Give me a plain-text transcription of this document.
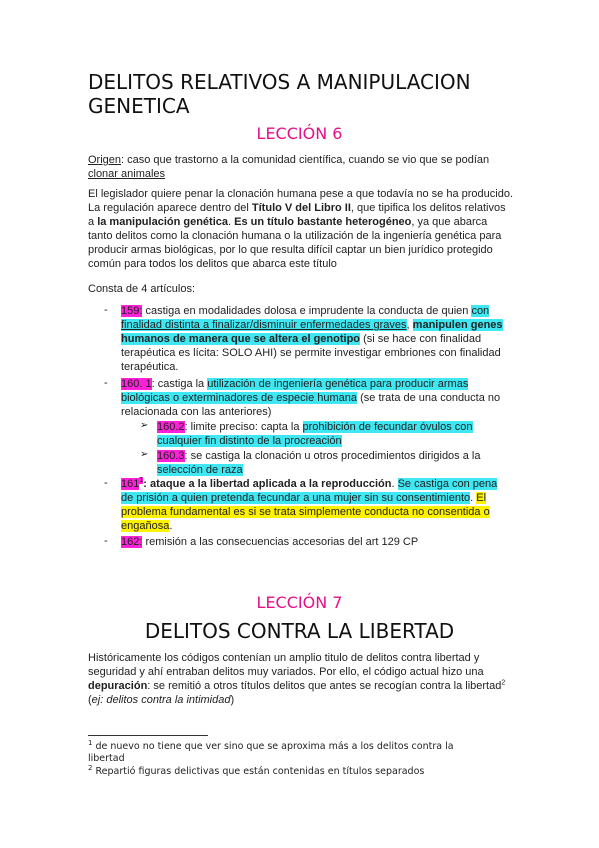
DELITOS RELATIVOS A MANIPULACION GENETICA
LECCIÓN 6
Origen: caso que trastorno a la comunidad científica, cuando se vio que se podían
clonar animales
El legislador quiere penar la clonación humana pese a que todavía no se ha producido.
La regulación aparece dentro del Título V del Libro II, que tipifica los delitos relativos
a la manipulación genética. Es un título bastante heterogéneo, ya que abarca
tanto delitos como la clonación humana o la utilización de la ingeniería genética para
producir armas biológicas, por lo que resulta difícil captar un bien jurídico protegido
común para todos los delitos que abarca este título
Consta de 4 artículos:
- 159: castiga en modalidades dolosa e imprudente la conducta de quien con
finalidad distinta a finalizar/disminuir enfermedades graves, manipulen genes
humanos de manera que se altera el genotipo (si se hace con finalidad
terapéutica es lícita: SOLO AHI) se permite investigar embriones con finalidad
terapéutica.
- 160. 1: castiga la utilización de ingeniería genética para producir armas
biológicas o exterminadores de especie humana (se trata de una conducta no
relacionada con las anteriores)
➢ 160.2: limite preciso: capta la prohibición de fecundar óvulos con
cualquier fin distinto de la procreación
➢ 160.3: se castiga la clonación u otros procedimientos dirigidos a la
selección de raza
- $161^1$: ataque a la libertad aplicada a la reproducción. Se castiga con pena
de prisión a quien pretenda fecundar a una mujer sin su consentimiento. El
problema fundamental es si se trata simplemente conducta no consentida o
engañosa.
- 162: remisión a las consecuencias accesorias del art 129 CP
LECCIÓN 7
DELITOS CONTRA LA LIBERTAD
Históricamente los códigos contenían un amplio titulo de delitos contra libertad y
seguridad y ahí entraban delitos muy variados. Por ello, el código actual hizo una
depuración: se remitió a otros títulos delitos que antes se recogían contra la libertad$^2$
(ej: delitos contra la intimidad)
$^1$ de nuevo no tiene que ver sino que se aproxima más a los delitos contra la
libertad
$^2$ Repartió figuras delictivas que están contenidas en títulos separados
